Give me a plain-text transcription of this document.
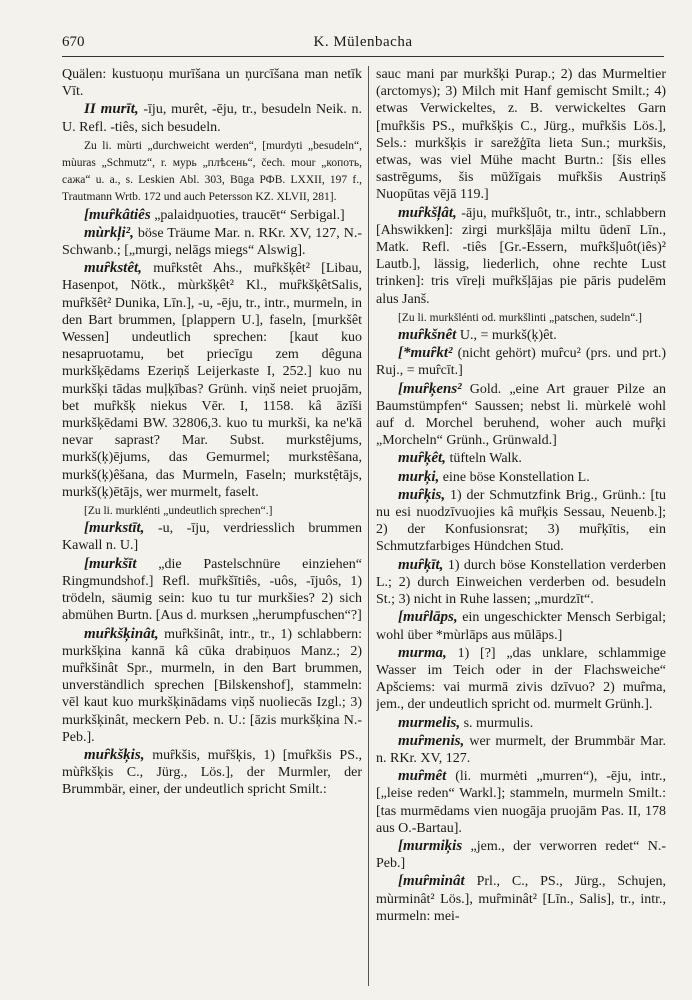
670	K. Mülenbacha

Quälen: kustuoņu murīšana un ņurcīšana man netīk Vīt.

II murīt, -īju, murêt, -ēju, tr., besudeln Neik. n. U. Refl. -tiês, sich besudeln.

Zu li. mùrti „durchweicht werden“, [murdyti „besudeln“, mùuras „Schmutz“, r. мурь „плѣсень“, čech. mour „копоть, сажа“ u. a., s. Leskien Abl. 303, Būga РФВ. LXXII, 197 f., Trautmann Wrtb. 172 und auch Petersson KZ. XLVII, 281].

[muȓkâtiês „palaidņuoties, traucēt“ Serbigal.]

mùrkļi², böse Träume Mar. n. RKr. XV, 127, N.-Schwanb.; [„murgi, nelāgs miegs“ Alswig].

muȓkstêt, muȓkstêt Ahs., muȓkšķêt² [Libau, Hasenpot, Nötk., mùrkšķêt² Kl., muȓkšķêtSalis, muȓkšêt² Dunika, Līn.], -u, -ēju, tr., intr., murmeln, in den Bart brummen, [plappern U.], faseln, [murkšêt Wessen] undeutlich sprechen: [kaut kuo nesapruotamu, bet priecīgu zem dêguna murkšķēdams Ezeriņš Leijerkaste I, 252.] kuo nu murkšķi tādas muļķības? Grünh. viņš neiet pruojām, bet muȓkšķ niekus Vēr. I, 1158. kâ āzīši murkšķēdami BW. 32806,3. kuo tu murkši, ka ne'kā nevar saprast? Mar. Subst. murkstêjums, murkš(ķ)ējums, das Gemurmel; murkstêšana, murkš(ķ)êšana, das Murmeln, Faseln; murkstệtājs, murkš(ķ)ētājs, wer murmelt, faselt.

[Zu li. murklénti „undeutlich sprechen“.]

[murkstīt, -u, -īju, verdriesslich brummen Kawall n. U.]

[murkšīt „die Pastelschnüre einziehen“ Ringmundshof.] Refl. muȓkšītiês, -uôs, -ījuôs, 1) trödeln, säumig sein: kuo tu tur murkšies? 2) sich abmühen Burtn. [Aus d. murksen „herumpfuschen“?]

muȓkšķinât, muȓkšinât, intr., tr., 1) schlabbern: murkšķina kannā kâ cūka drabiņuos Manz.; 2) muȓkšinât Spr., murmeln, in den Bart brummen, unverständlich sprechen [Bilskenshof], stammeln: vēl kaut kuo murkšķinādams viņš nuoliecās Izgl.; 3) murkšķinât, meckern Peb. n. U.: [āzis murkšķina N.-Peb.].

muȓkšķis, muȓkšis, muȓšķis, 1) [muȓkšis PS., mùȓkšķis C., Jürg., Lös.], der Murmler, der Brummbär, einer, der undeutlich spricht Smilt.:

sauc mani par murkšķi Purap.; 2) das Murmeltier (arctomys); 3) Milch mit Hanf gemischt Smilt.; 4) etwas Verwickeltes, z. B. verwickeltes Garn [muȓkšis PS., muȓkšķis C., Jürg., muȓkšis Lös.], Sels.: murkšķis ir sarežģīta lieta Sun.; murkšis, etwas, was viel Mühe macht Burtn.: [šis elles sastrēgums, šis mūžīgais muȓkšis Austriņš Nuopūtas vējā 119.]

muȓkšļât, -āju, muȓkšļuôt, tr., intr., schlabbern [Ahswikken]: zirgi murkšļāja miltu ūdenī Līn., Matk. Refl. -tiês [Gr.-Essern, muȓkšļuôt(iês)² Lautb.], lässig, liederlich, ohne rechte Lust trinken]: tris vīreļi muȓkšļājas pie pāris pudelēm alus Janš.

[Zu li. murkšlénti od. murkšlinti „patschen, sudeln“.]

muȓkšnêt U., = murkš(ķ)êt.

[*muȓkt² (nicht gehört) muȓcu² (prs. und prt.) Ruj., = muȓcīt.]

[muȓķens² Gold. „eine Art grauer Pilze an Baumstümpfen“ Saussen; nebst li. mùrkelė wohl auf d. Morchel beruhend, woher auch muȓķi „Morcheln“ Grünh., Grünwald.]

muȓķêt, tüfteln Walk.

murķi, eine böse Konstellation L.

muȓķis, 1) der Schmutzfink Brig., Grünh.: [tu nu esi nuodzīvuojies kâ muȓķis Sessau, Neuenb.]; 2) der Konfusionsrat; 3) muȓķītis, ein Schmutzfarbiges Hündchen Stud.

muȓķīt, 1) durch böse Konstellation verderben L.; 2) durch Einweichen verderben od. besudeln St.; 3) nicht in Ruhe lassen; „murdzīt“.

[muȓlāps, ein ungeschickter Mensch Serbigal; wohl über *mùrlāps aus mūlāps.]

murma, 1) [?] „das unklare, schlammige Wasser im Teich oder in der Flachsweiche“ Apšciems: vai murmā zivis dzīvuo? 2) muȓma, jem., der undeutlich spricht od. murmelt Grünh.].

murmelis, s. murmulis.

muȓmenis, wer murmelt, der Brummbär Mar. n. RKr. XV, 127.

muȓmêt (li. murmėti „murren“), -ēju, intr., [„leise reden“ Warkl.]; stammeln, murmeln Smilt.: [tas murmēdams vien nuogāja pruojām Pas. II, 178 aus O.-Bartau].

[murmiķis „jem., der verworren redet“ N.-Peb.]

[muȓminât Prl., C., PS., Jürg., Schujen, mùrminât² Lös.], muȓminât² [Līn., Salis], tr., intr., murmeln: mei-
